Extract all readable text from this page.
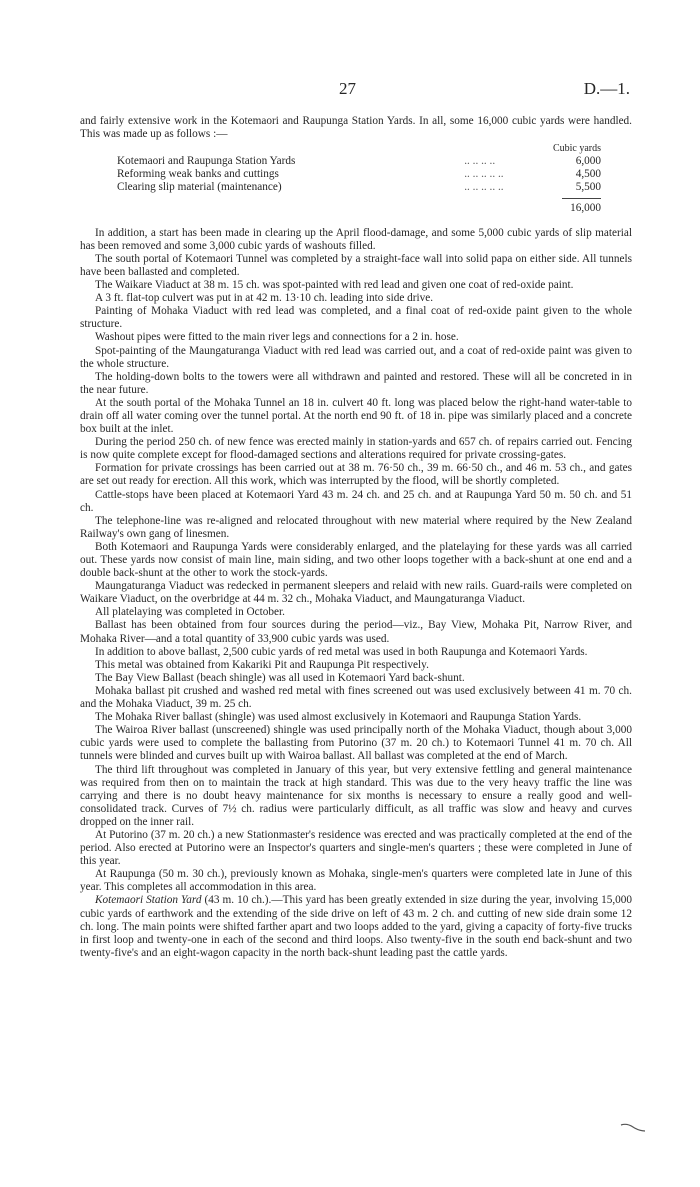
27	D.—1.

and fairly extensive work in the Kotemaori and Raupunga Station Yards. In all, some 16,000 cubic yards were handled. This was made up as follows :—

		Cubic yards
Kotemaori and Raupunga Station Yards	.. .. .. ..	6,000
Reforming weak banks and cuttings	.. .. .. .. ..	4,500
Clearing slip material (maintenance)	.. .. .. .. ..	5,500
		16,000

In addition, a start has been made in clearing up the April flood-damage, and some 5,000 cubic yards of slip material has been removed and some 3,000 cubic yards of washouts filled.

The south portal of Kotemaori Tunnel was completed by a straight-face wall into solid papa on either side. All tunnels have been ballasted and completed.

The Waikare Viaduct at 38 m. 15 ch. was spot-painted with red lead and given one coat of red-oxide paint.

A 3 ft. flat-top culvert was put in at 42 m. 13·10 ch. leading into side drive.

Painting of Mohaka Viaduct with red lead was completed, and a final coat of red-oxide paint given to the whole structure.

Washout pipes were fitted to the main river legs and connections for a 2 in. hose.

Spot-painting of the Maungaturanga Viaduct with red lead was carried out, and a coat of red-oxide paint was given to the whole structure.

The holding-down bolts to the towers were all withdrawn and painted and restored. These will all be concreted in in the near future.

At the south portal of the Mohaka Tunnel an 18 in. culvert 40 ft. long was placed below the right-hand water-table to drain off all water coming over the tunnel portal. At the north end 90 ft. of 18 in. pipe was similarly placed and a concrete box built at the inlet.

During the period 250 ch. of new fence was erected mainly in station-yards and 657 ch. of repairs carried out. Fencing is now quite complete except for flood-damaged sections and alterations required for private crossing-gates.

Formation for private crossings has been carried out at 38 m. 76·50 ch., 39 m. 66·50 ch., and 46 m. 53 ch., and gates are set out ready for erection. All this work, which was interrupted by the flood, will be shortly completed.

Cattle-stops have been placed at Kotemaori Yard 43 m. 24 ch. and 25 ch. and at Raupunga Yard 50 m. 50 ch. and 51 ch.

The telephone-line was re-aligned and relocated throughout with new material where required by the New Zealand Railway's own gang of linesmen.

Both Kotemaori and Raupunga Yards were considerably enlarged, and the platelaying for these yards was all carried out. These yards now consist of main line, main siding, and two other loops together with a back-shunt at one end and a double back-shunt at the other to work the stock-yards.

Maungaturanga Viaduct was redecked in permanent sleepers and relaid with new rails. Guard-rails were completed on Waikare Viaduct, on the overbridge at 44 m. 32 ch., Mohaka Viaduct, and Maungaturanga Viaduct.

All platelaying was completed in October.

Ballast has been obtained from four sources during the period—viz., Bay View, Mohaka Pit, Narrow River, and Mohaka River—and a total quantity of 33,900 cubic yards was used.

In addition to above ballast, 2,500 cubic yards of red metal was used in both Raupunga and Kotemaori Yards.

This metal was obtained from Kakariki Pit and Raupunga Pit respectively.

The Bay View Ballast (beach shingle) was all used in Kotemaori Yard back-shunt.

Mohaka ballast pit crushed and washed red metal with fines screened out was used exclusively between 41 m. 70 ch. and the Mohaka Viaduct, 39 m. 25 ch.

The Mohaka River ballast (shingle) was used almost exclusively in Kotemaori and Raupunga Station Yards.

The Wairoa River ballast (unscreened) shingle was used principally north of the Mohaka Viaduct, though about 3,000 cubic yards were used to complete the ballasting from Putorino (37 m. 20 ch.) to Kotemaori Tunnel 41 m. 70 ch. All tunnels were blinded and curves built up with Wairoa ballast. All ballast was completed at the end of March.

The third lift throughout was completed in January of this year, but very extensive fettling and general maintenance was required from then on to maintain the track at high standard. This was due to the very heavy traffic the line was carrying and there is no doubt heavy maintenance for six months is necessary to ensure a really good and well-consolidated track. Curves of 7½ ch. radius were particularly difficult, as all traffic was slow and heavy and curves dropped on the inner rail.

At Putorino (37 m. 20 ch.) a new Stationmaster's residence was erected and was practically completed at the end of the period. Also erected at Putorino were an Inspector's quarters and single-men's quarters ; these were completed in June of this year.

At Raupunga (50 m. 30 ch.), previously known as Mohaka, single-men's quarters were completed late in June of this year. This completes all accommodation in this area.

Kotemaori Station Yard (43 m. 10 ch.).—This yard has been greatly extended in size during the year, involving 15,000 cubic yards of earthwork and the extending of the side drive on left of 43 m. 2 ch. and cutting of new side drain some 12 ch. long. The main points were shifted farther apart and two loops added to the yard, giving a capacity of forty-five trucks in first loop and twenty-one in each of the second and third loops. Also twenty-five in the south end back-shunt and two twenty-five's and an eight-wagon capacity in the north back-shunt leading past the cattle yards.
